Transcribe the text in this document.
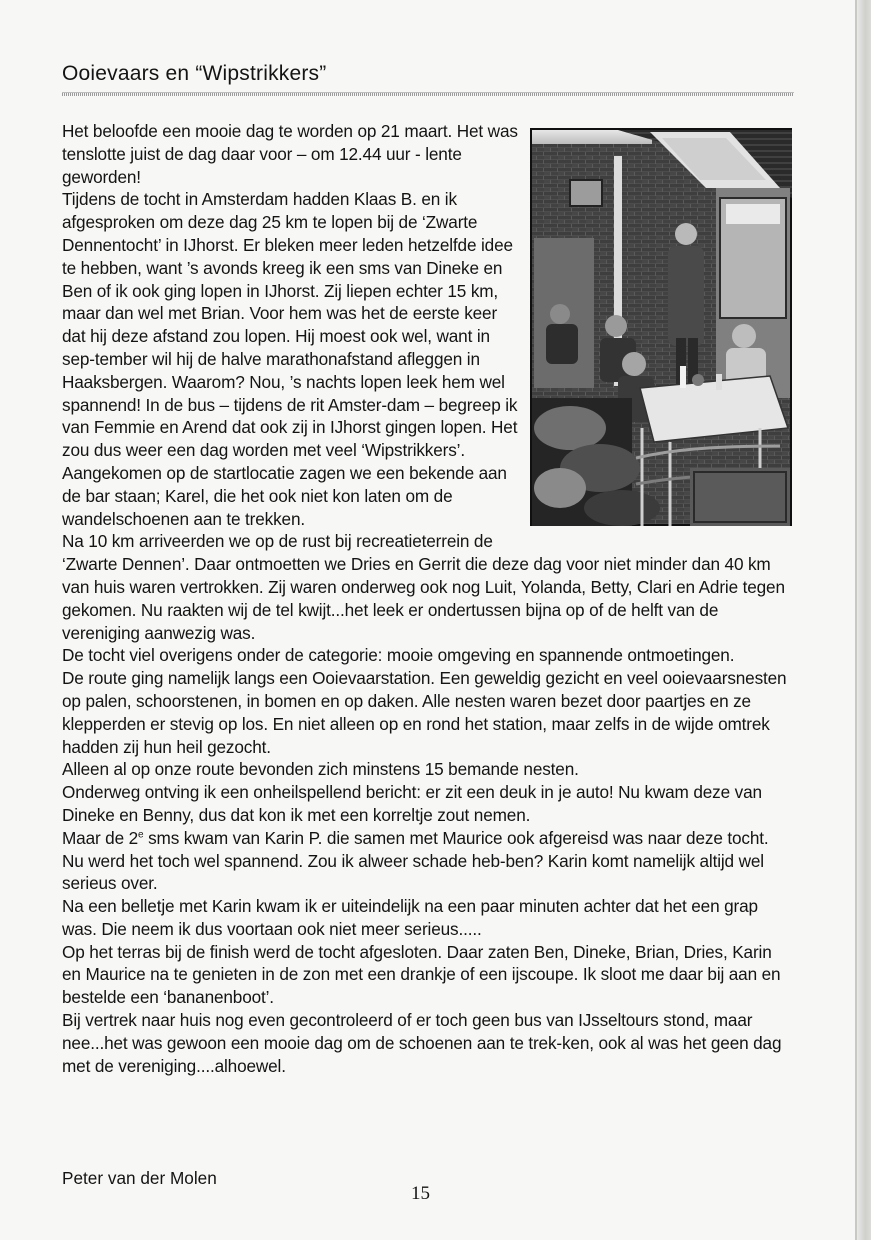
Ooievaars en “Wipstrikkers”

Het beloofde een mooie dag te worden op 21 maart. Het was tenslotte juist de dag daar voor – om 12.44 uur - lente geworden!

Tijdens de tocht in Amsterdam hadden Klaas B. en ik afgesproken om deze dag 25 km te lopen bij de ‘Zwarte Dennentocht’ in IJhorst. Er bleken meer leden hetzelfde idee te hebben, want ’s avonds kreeg ik een sms van Dineke en Ben of ik ook ging lopen in IJhorst. Zij liepen echter 15 km, maar dan wel met Brian. Voor hem was het de eerste keer dat hij deze afstand zou lopen. Hij moest ook wel, want in sep-tember wil hij de halve marathonafstand afleggen in Haaksbergen. Waarom? Nou, ’s nachts lopen leek hem wel spannend! In de bus – tijdens de rit Amster-dam – begreep ik van Femmie en Arend dat ook zij in IJhorst gingen lopen. Het zou dus weer een dag worden met veel ‘Wipstrikkers’. Aangekomen op de startlocatie zagen we een bekende aan de bar staan; Karel, die het ook niet kon laten om de wandelschoenen aan te trekken.

Na 10 km arriveerden we op de rust bij recreatieterrein de ‘Zwarte Dennen’. Daar ontmoetten we Dries en Gerrit die deze dag voor niet minder dan 40 km van huis waren vertrokken. Zij waren onderweg ook nog Luit, Yolanda, Betty, Clari en Adrie tegen gekomen. Nu raakten wij de tel kwijt...het leek er ondertussen bijna op of de helft van de vereniging aanwezig was.

De tocht viel overigens onder de categorie: mooie omgeving en spannende ontmoetingen.

De route ging namelijk langs een Ooievaarstation. Een geweldig gezicht en veel ooievaarsnesten op palen, schoorstenen, in bomen en op daken. Alle nesten waren bezet door paartjes en ze klepperden er stevig op los. En niet alleen op en rond het station, maar zelfs in de wijde omtrek hadden zij hun heil gezocht.

Alleen al op onze route bevonden zich minstens 15 bemande nesten.

Onderweg ontving ik een onheilspellend bericht: er zit een deuk in je auto! Nu kwam deze van Dineke en Benny, dus dat kon ik met een korreltje zout nemen.

Maar de 2e sms kwam van Karin P. die samen met Maurice ook afgereisd was naar deze tocht. Nu werd het toch wel spannend. Zou ik alweer schade heb-ben? Karin komt namelijk altijd wel serieus over.

Na een belletje met Karin kwam ik er uiteindelijk na een paar minuten achter dat het een grap was. Die neem ik dus voortaan ook niet meer serieus.....

Op het terras bij de finish werd de tocht afgesloten. Daar zaten Ben, Dineke, Brian, Dries, Karin en Maurice na te genieten in de zon met een drankje of een ijscoupe. Ik sloot me daar bij aan en bestelde een ‘bananenboot’.

Bij vertrek naar huis nog even gecontroleerd of er toch geen bus van IJsseltours stond, maar nee...het was gewoon een mooie dag om de schoenen aan te trek-ken, ook al was het geen dag met de vereniging....alhoewel.

Peter van der Molen
15
